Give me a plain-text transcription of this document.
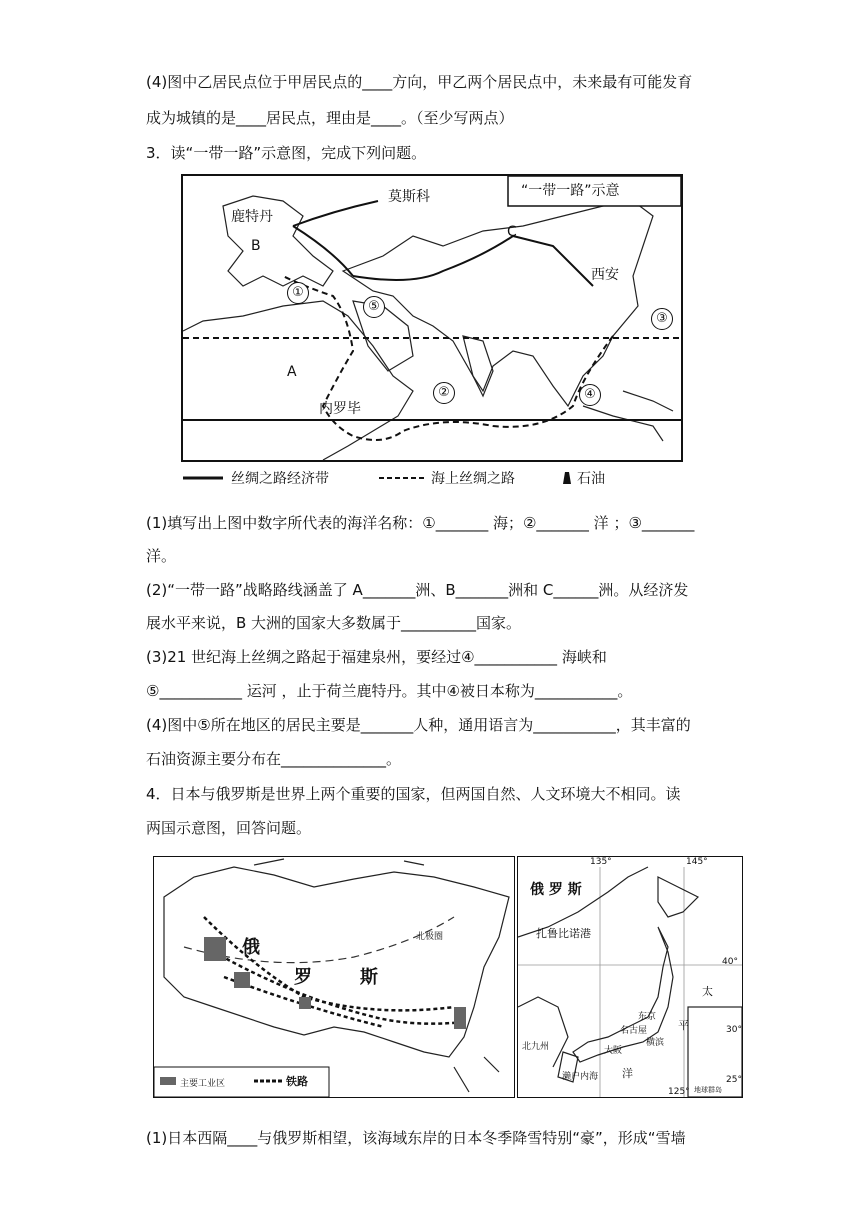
(4)图中乙居民点位于甲居民点的____方向，甲乙两个居民点中，未来最有可能发育
成为城镇的是____居民点，理由是____。（至少写两点）
3．读“一带一路”示意图，完成下列问题。
“一带一路”示意
莫斯科
鹿特丹
B
C
西安
A
内罗毕
①
②
③
④
⑤
丝绸之路经济带	海上丝绸之路	石油
(1)填写出上图中数字所代表的海洋名称：①_______ 海；②_______ 洋 ；③_______
洋。
(2)“一带一路”战略路线涵盖了 A_______洲、B_______洲和 C______洲。从经济发
展水平来说，B 大洲的国家大多数属于__________国家。
(3)21 世纪海上丝绸之路起于福建泉州，要经过④___________ 海峡和
⑤___________ 运河 ，止于荷兰鹿特丹。其中④被日本称为___________。
(4)图中⑤所在地区的居民主要是_______人种，通用语言为___________，其丰富的
石油资源主要分布在______________。
4．日本与俄罗斯是世界上两个重要的国家，但两国自然、人文环境大不相同。读
两国示意图，回答问题。
俄
罗	斯
北极圈
主要工业区	铁路
135°	145°
40°
30°
25°
125°
俄 罗 斯
扎鲁比诺港
东京
名古屋
横滨
大阪
北九州
濑户内海
太
平
洋
地球群岛
(1)日本西隔____与俄罗斯相望，该海域东岸的日本冬季降雪特别“豪”，形成“雪墙
